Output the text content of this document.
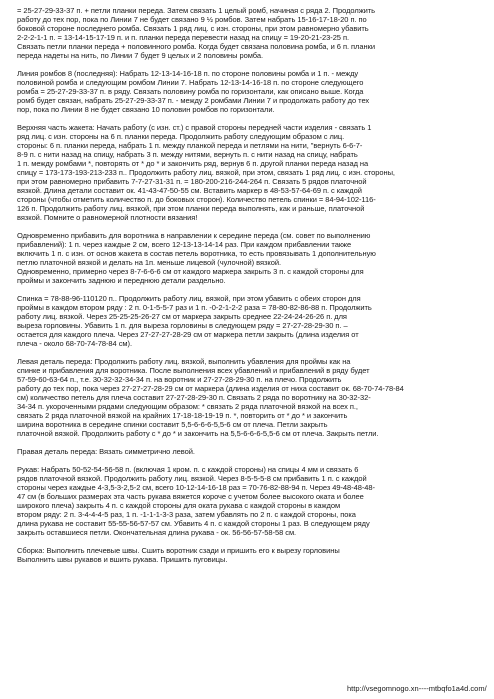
= 25-27-29-33-37 п. + петли планки переда. Затем связать 1 целый ромб, начиная с ряда 2. Продолжить
работу до тех пор, пока по Линии 7 не будет связано 9 ½ ромбов. Затем набрать 15-16-17-18-20 п. по
боковой стороне последнего ромба. Связать 1 ряд лиц. с изн. стороны, при этом равномерно убавить
2-2-2-1-1 п. = 13-14-15-17-19 п. и п. планки переда перевести назад на спицу = 19-20-21-23-25 п.
Связать петли планки переда + половинного ромба. Когда будет связана половина ромба, и 6 п. планки
переда надеты на нить, по Линии 7 будет 9 целых и 2 половины ромба.
Линия ромбов 8 (последняя): Набрать 12-13-14-16-18 п. по стороне половины ромба и 1 п. - между
половиной ромба и следующим ромбом Линии 7. Набрать 12-13-14-16-18 п. по стороне следующего
ромба = 25-27-29-33-37 п. в ряду. Связать половину ромба по горизонтали, как описано выше. Когда
ромб будет связан, набрать 25-27-29-33-37 п. - между 2 ромбами Линии 7 и продолжать работу до тех
пор, пока по Линии 8 не будет связано 10 половин ромбов по горизонтали.
Верхняя часть жакета: Начать работу (с изн. ст.) с правой стороны передней части изделия - связать 1
ряд лиц. с изн. стороны на 6 п. планки переда. Продолжить работу следующим образом с лиц.
стороны: 6 п. планки переда, набрать 1 п. между планкой переда и петлями на нити, "вернуть 6-6-7-
8-9 п. с нити назад на спицу, набрать 3 п. между нитями, вернуть п. с нити назад на спицу, набрать
1 п. между ромбами *, повторять от * до * и закончить ряд, вернув 6 п. другой планки переда назад на
спицу = 173-173-193-213-233 п.. Продолжить работу лиц. вязкой, при этом, связать 1 ряд лиц. с изн. стороны,
при этом равномерно прибавить 7-7-27-31-31 п. = 180-200-216-244-264 п. Связать 5 рядов платочной
вязкой. Длина детали составит ок. 41-43-47-50-55 см. Вставить маркер в 48-53-57-64-69 п. с каждой
стороны (чтобы отметить количество п. до боковых сторон). Количество петель спинки = 84-94-102-116-
126 п. Продолжить работу лиц. вязкой, при этом планки переда выполнять, как и раньше, платочной
вязкой. Помните о равномерной плотности вязания!
Одновременно прибавить для воротника в направлении к середине переда (см. совет по выполнению
прибавлений): 1 п. через каждые 2 см, всего 12-13-13-14-14 раз. При каждом прибавлении также
включить 1 п. с изн. от основ жакета в состав петель воротника, то есть провязывать 1 дополнительную
петлю платочной вязкой и делать на 1п. меньше лицевой (чулочной) вязкой.
Одновременно, примерно через 8-7-6-6-6 см от каждого маркера закрыть 3 п. с каждой стороны для
проймы и закончить заднюю и переднюю детали раздельно.
Спинка = 78-88-96-110120 п.. Продолжить работу лиц. вязкой, при этом убавить с обеих сторон для
проймы в каждом втором ряду : 2 п. 0-1-5-5-7 раз и 1 п. -0-2-1-2-2 раза = 78-80-82-86-88 п. Продолжить
работу лиц. вязкой. Через 25-25-25-26-27 см от маркера закрыть среднее 22-24-24-26-26 п. для
выреза горловины. Убавить 1 п. для выреза горловины в следующем ряду = 27-27-28-29-30 п. –
остается для каждого плеча. Через 27-27-27-28-29 см от маркера петли закрыть (длина изделия от
плеча - около 68-70-74-78-84 см).
Левая деталь переда: Продолжить работу лиц. вязкой, выполнить убавления для проймы как на
спинке и прибавления для воротника. После выполнения всех убавлений и прибавлений в ряду будет
57-59-60-63-64 п., т.е. 30-32-32-34-34 п. на воротник и 27-27-28-29-30 п. на плечо. Продолжить
работу до тех пор, пока через 27-27-27-28-29 см от маркера (длина изделия от ниха составит ок. 68-70-74-78-84
см) количество петель для плеча составит 27-27-28-29-30 п. Связать 2 ряда по воротнику на 30-32-32-
34-34 п. укороченными рядами следующим образом: * связать 2 ряда платочной вязкой на всех п.,
связать 2 ряда платочной вязкой на крайних 17-18-18-19-19 п. *, повторить от * до * и закончить
ширина воротника в середине спинки составит 5,5-6-6-6-5,5-6 см от плеча. Петли закрыть
платочной вязкой. Продолжить работу с * до * и закончить на 5,5-6-6-6-5,5-6 см от плеча. Закрыть петли.
Правая деталь переда: Вязать симметрично левой.
Рукав: Набрать 50-52-54-56-58 п. (включая 1 кром. п. с каждой стороны) на спицы 4 мм и связать 6
рядов платочной вязкой. Продолжить работу лиц. вязкой. Через 8-5-5-5-8 см прибавить 1 п. с каждой
стороны через каждые 4-3,5-3-2,5-2 см, всего 10-12-14-16-18 раз = 70-76-82-88-94 п. Через 49-48-48-48-
47 см (в больших размерах эта часть рукава вяжется короче с учетом более высокого оката и более
широкого плеча) закрыть 4 п. с каждой стороны для оката рукава с каждой стороны в каждом
втором ряду: 2 п. 3-4-4-4-5 раз, 1 п. -1-1-1-3-3 раза, затем убавлять по 2 п. с каждой стороны, пока
длина рукава не составит 55-55-56-57-57 см. Убавить 4 п. с каждой стороны 1 раз. В следующем ряду
закрыть оставшиеся петли. Окончательная длина рукава - ок. 56-56-57-58-58 см.
Сборка: Выполнить плечевые швы. Сшить воротник сзади и пришить его к вырезу горловины
Выполнить швы рукавов и вшить рукава. Пришить пуговицы.
http://vsegomnogo.xn----mtbqfo1a4d.com/
